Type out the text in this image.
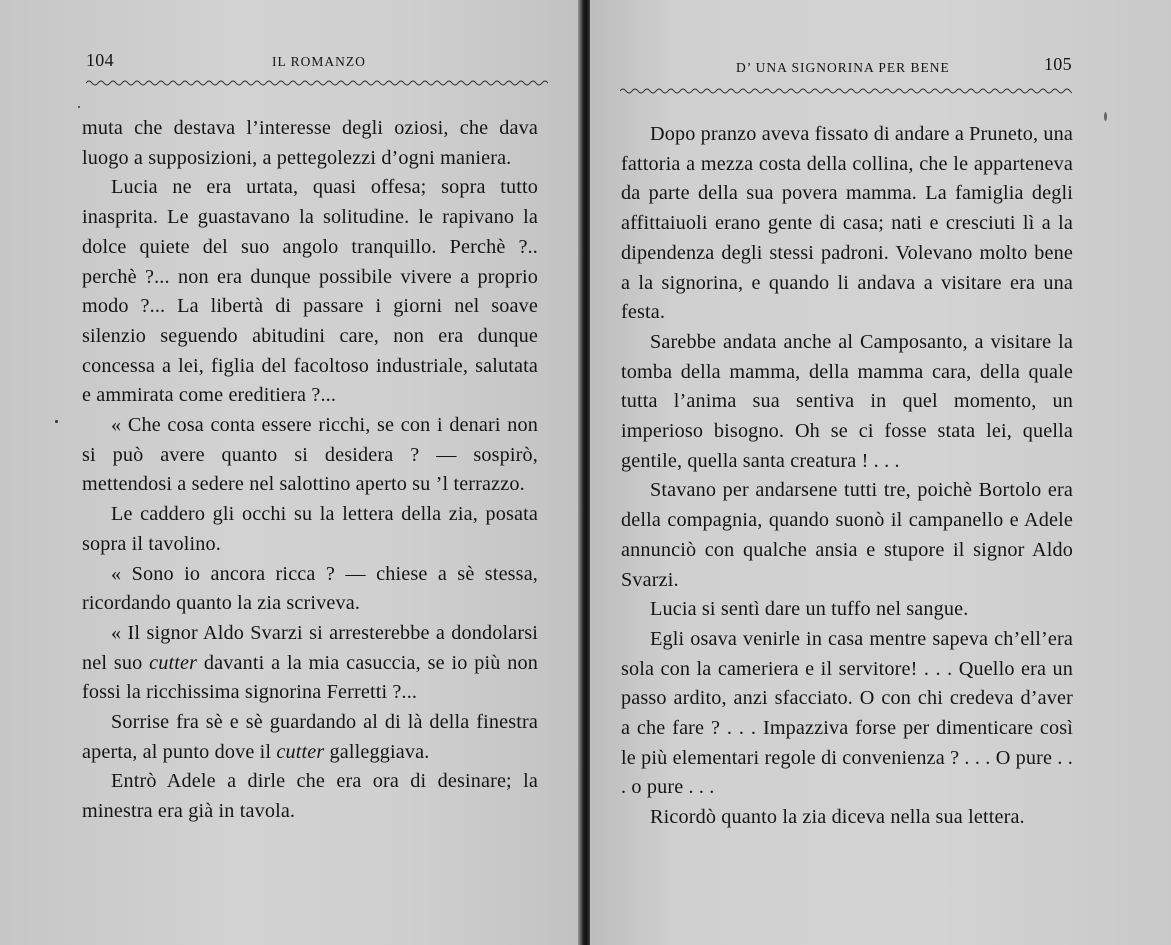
104	IL ROMANZO

muta che destava l’interesse degli oziosi, che dava luogo a supposizioni, a pettegolezzi d’ogni maniera.

Lucia ne era urtata, quasi offesa; sopra tutto inasprita. Le guastavano la solitudine. le rapivano la dolce quiete del suo angolo tranquillo. Perchè ?.. perchè ?... non era dunque possibile vivere a proprio modo ?... La libertà di passare i giorni nel soave silenzio seguendo abitudini care, non era dunque concessa a lei, figlia del facoltoso industriale, salutata e ammirata come ereditiera ?...

« Che cosa conta essere ricchi, se con i denari non si può avere quanto si desidera ? — sospirò, mettendosi a sedere nel salottino aperto su ’l terrazzo.

Le caddero gli occhi su la lettera della zia, posata sopra il tavolino.

« Sono io ancora ricca ? — chiese a sè stessa, ricordando quanto la zia scriveva.

« Il signor Aldo Svarzi si arresterebbe a dondolarsi nel suo cutter davanti a la mia casuccia, se io più non fossi la ricchissima signorina Ferretti ?...

Sorrise fra sè e sè guardando al di là della finestra aperta, al punto dove il cutter galleggiava.

Entrò Adele a dirle che era ora di desinare; la minestra era già in tavola.

D’ UNA SIGNORINA PER BENE	105

Dopo pranzo aveva fissato di andare a Pruneto, una fattoria a mezza costa della collina, che le apparteneva da parte della sua povera mamma. La famiglia degli affittaiuoli erano gente di casa; nati e cresciuti lì a la dipendenza degli stessi padroni. Volevano molto bene a la signorina, e quando li andava a visitare era una festa.

Sarebbe andata anche al Camposanto, a visitare la tomba della mamma, della mamma cara, della quale tutta l’anima sua sentiva in quel momento, un imperioso bisogno. Oh se ci fosse stata lei, quella gentile, quella santa creatura ! . . .

Stavano per andarsene tutti tre, poichè Bortolo era della compagnia, quando suonò il campanello e Adele annunciò con qualche ansia e stupore il signor Aldo Svarzi.

Lucia si sentì dare un tuffo nel sangue.

Egli osava venirle in casa mentre sapeva ch’ell’era sola con la cameriera e il servitore! . . . Quello era un passo ardito, anzi sfacciato. O con chi credeva d’aver a che fare ? . . . Impazziva forse per dimenticare così le più elementari regole di convenienza ? . . . O pure . . . o pure . . .

Ricordò quanto la zia diceva nella sua lettera.
